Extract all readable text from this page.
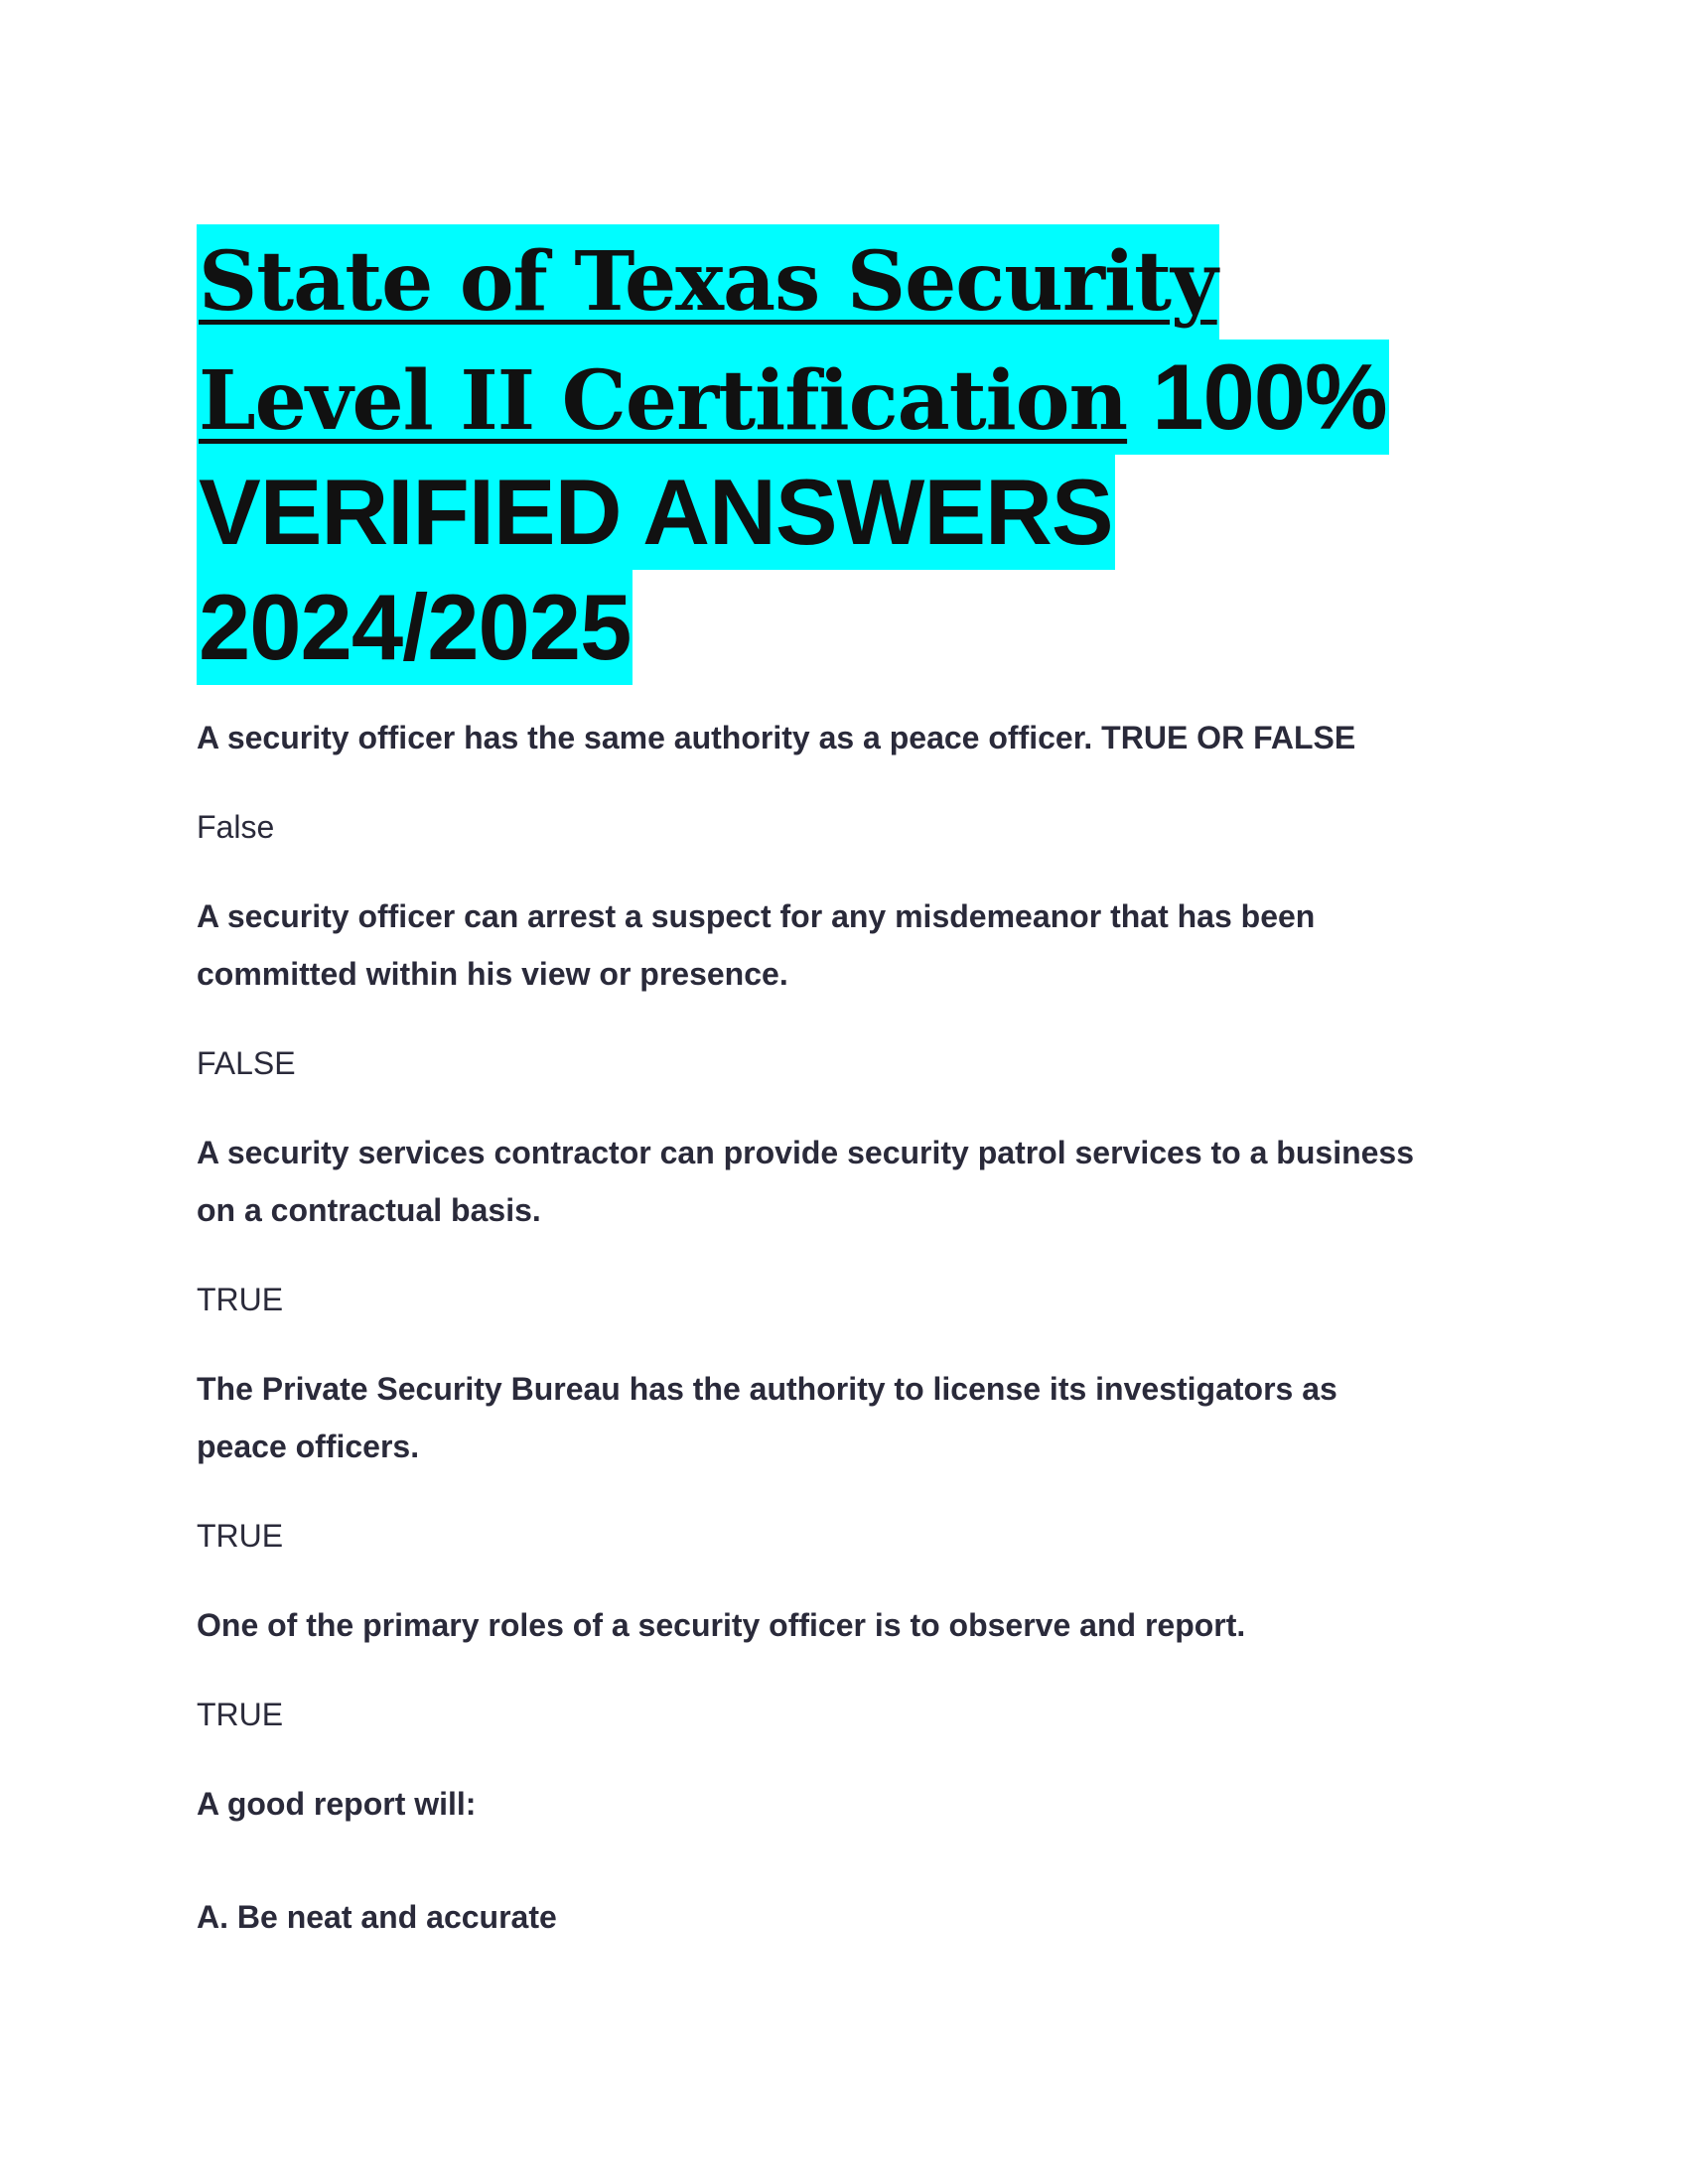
State of Texas Security
Level II Certification 100%
VERIFIED ANSWERS
2024/2025

A security officer has the same authority as a peace officer. TRUE OR FALSE

False

A security officer can arrest a suspect for any misdemeanor that has been

committed within his view or presence.

FALSE

A security services contractor can provide security patrol services to a business

on a contractual basis.

TRUE

The Private Security Bureau has the authority to license its investigators as

peace officers.

TRUE

One of the primary roles of a security officer is to observe and report.

TRUE

A good report will:

A. Be neat and accurate
